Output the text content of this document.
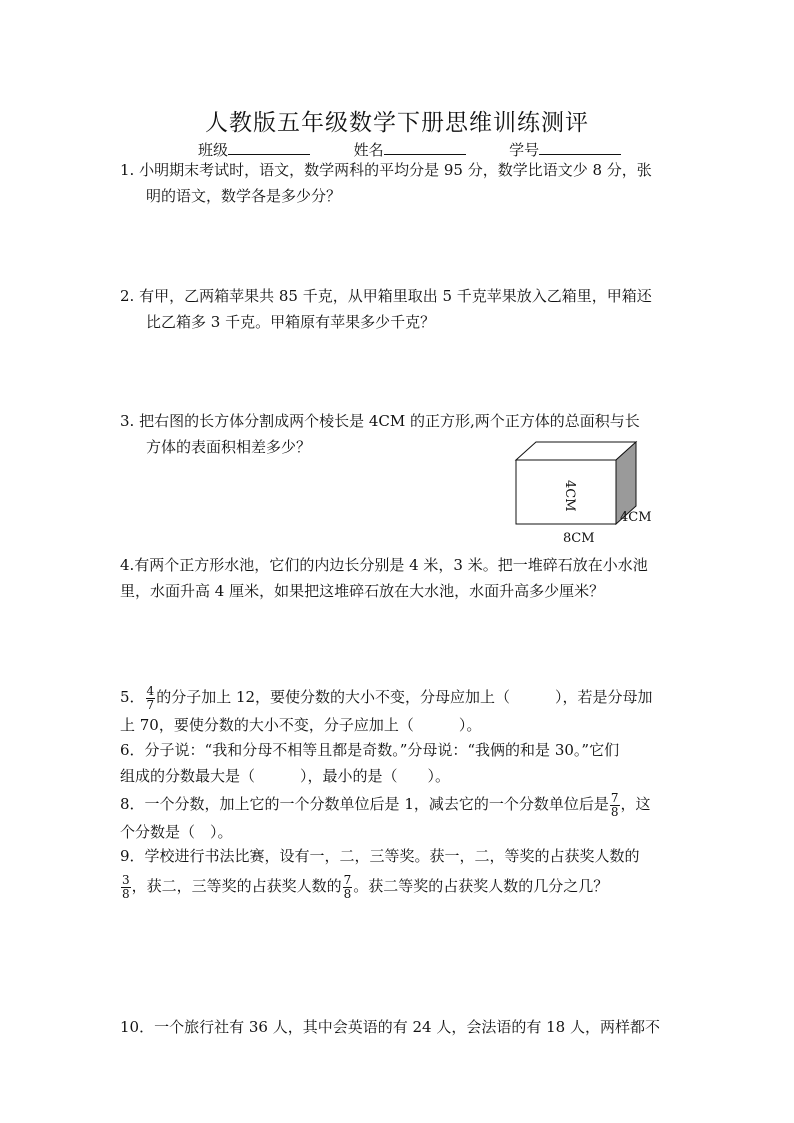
人教版五年级数学下册思维训练测评
班级	姓名	学号
1. 小明期末考试时，语文，数学两科的平均分是 95 分，数学比语文少 8 分，张
明的语文，数学各是多少分？
2. 有甲，乙两箱苹果共 85 千克，从甲箱里取出 5 千克苹果放入乙箱里，甲箱还
比乙箱多 3 千克。甲箱原有苹果多少千克？
3. 把右图的长方体分割成两个棱长是 4CM 的正方形,两个正方体的总面积与长
方体的表面积相差多少？
4CM
4CM
8CM
4.有两个正方形水池，它们的内边长分别是 4 米，3 米。把一堆碎石放在小水池
里，水面升高 4 厘米，如果把这堆碎石放在大水池，水面升高多少厘米？
5． $\frac{4}{7}$ 的分子加上 12，要使分数的大小不变，分母应加上（　　　），若是分母加
上 70，要使分数的大小不变，分子应加上（　　　）。
6．分子说：“我和分母不相等且都是奇数。”分母说：“我俩的和是 30。”它们
组成的分数最大是（　　　），最小的是（　　）。
8．一个分数，加上它的一个分数单位后是 1，减去它的一个分数单位后是 $\frac{7}{8}$ ，这
个分数是（　）。
9．学校进行书法比赛，设有一，二，三等奖。获一，二，等奖的占获奖人数的
$\frac{3}{8}$ ，获二，三等奖的占获奖人数的 $\frac{7}{8}$ 。获二等奖的占获奖人数的几分之几？
10．一个旅行社有 36 人，其中会英语的有 24 人，会法语的有 18 人，两样都不
